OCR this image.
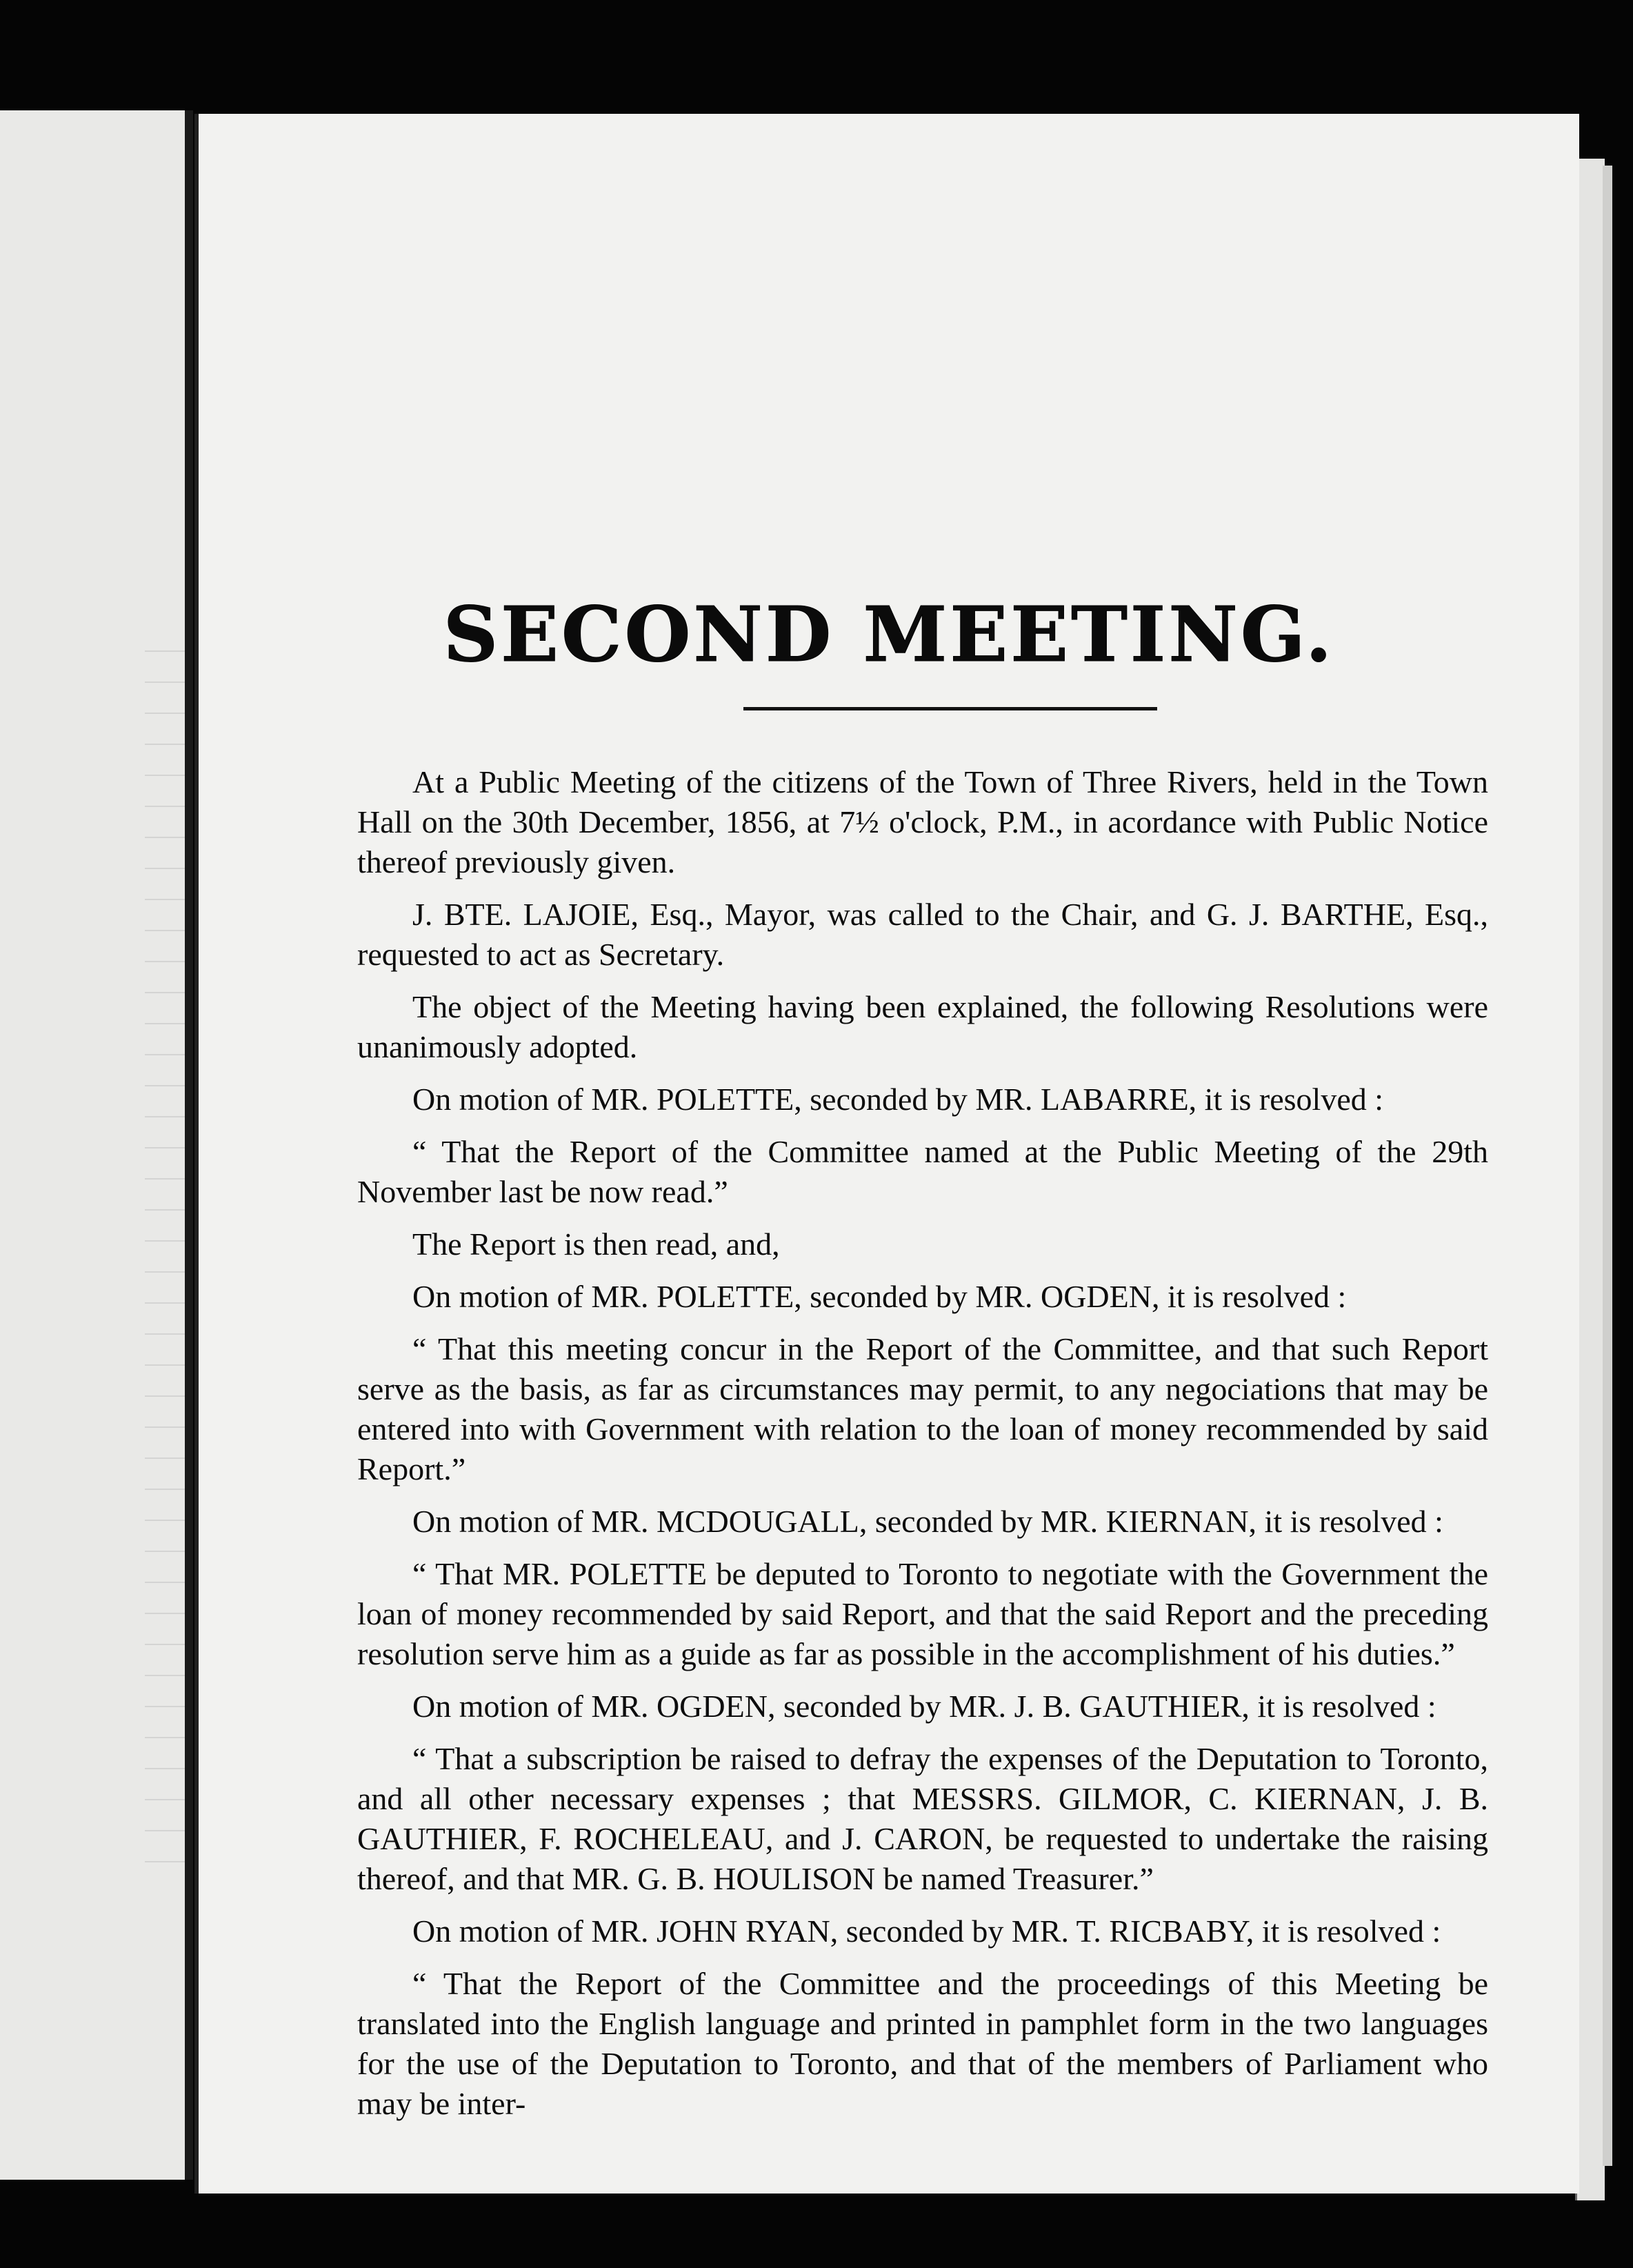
SECOND MEETING.

At a Public Meeting of the citizens of the Town of Three Rivers, held in the Town Hall on the 30th December, 1856, at 7½ o'clock, P.M., in acordance with Public Notice thereof previously given.

J. BTE. LAJOIE, Esq., Mayor, was called to the Chair, and G. J. BARTHE, Esq., requested to act as Secretary.

The object of the Meeting having been explained, the following Resolutions were unanimously adopted.

On motion of MR. POLETTE, seconded by MR. LABARRE, it is resolved :

“ That the Report of the Committee named at the Public Meeting of the 29th November last be now read.”

The Report is then read, and,

On motion of MR. POLETTE, seconded by MR. OGDEN, it is resolved :

“ That this meeting concur in the Report of the Committee, and that such Report serve as the basis, as far as circumstances may permit, to any negociations that may be entered into with Government with relation to the loan of money recommended by said Report.”

On motion of MR. MCDOUGALL, seconded by MR. KIERNAN, it is resolved :

“ That MR. POLETTE be deputed to Toronto to negotiate with the Government the loan of money recommended by said Report, and that the said Report and the preceding resolution serve him as a guide as far as possible in the accomplishment of his duties.”

On motion of MR. OGDEN, seconded by MR. J. B. GAUTHIER, it is resolved :

“ That a subscription be raised to defray the expenses of the Deputation to Toronto, and all other necessary expenses ; that MESSRS. GILMOR, C. KIERNAN, J. B. GAUTHIER, F. ROCHELEAU, and J. CARON, be requested to undertake the raising thereof, and that MR. G. B. HOULISON be named Treasurer.”

On motion of MR. JOHN RYAN, seconded by MR. T. RICBABY, it is resolved :

“ That the Report of the Committee and the proceedings of this Meeting be translated into the English language and printed in pamphlet form in the two languages for the use of the Deputation to Toronto, and that of the members of Parliament who may be inter-
